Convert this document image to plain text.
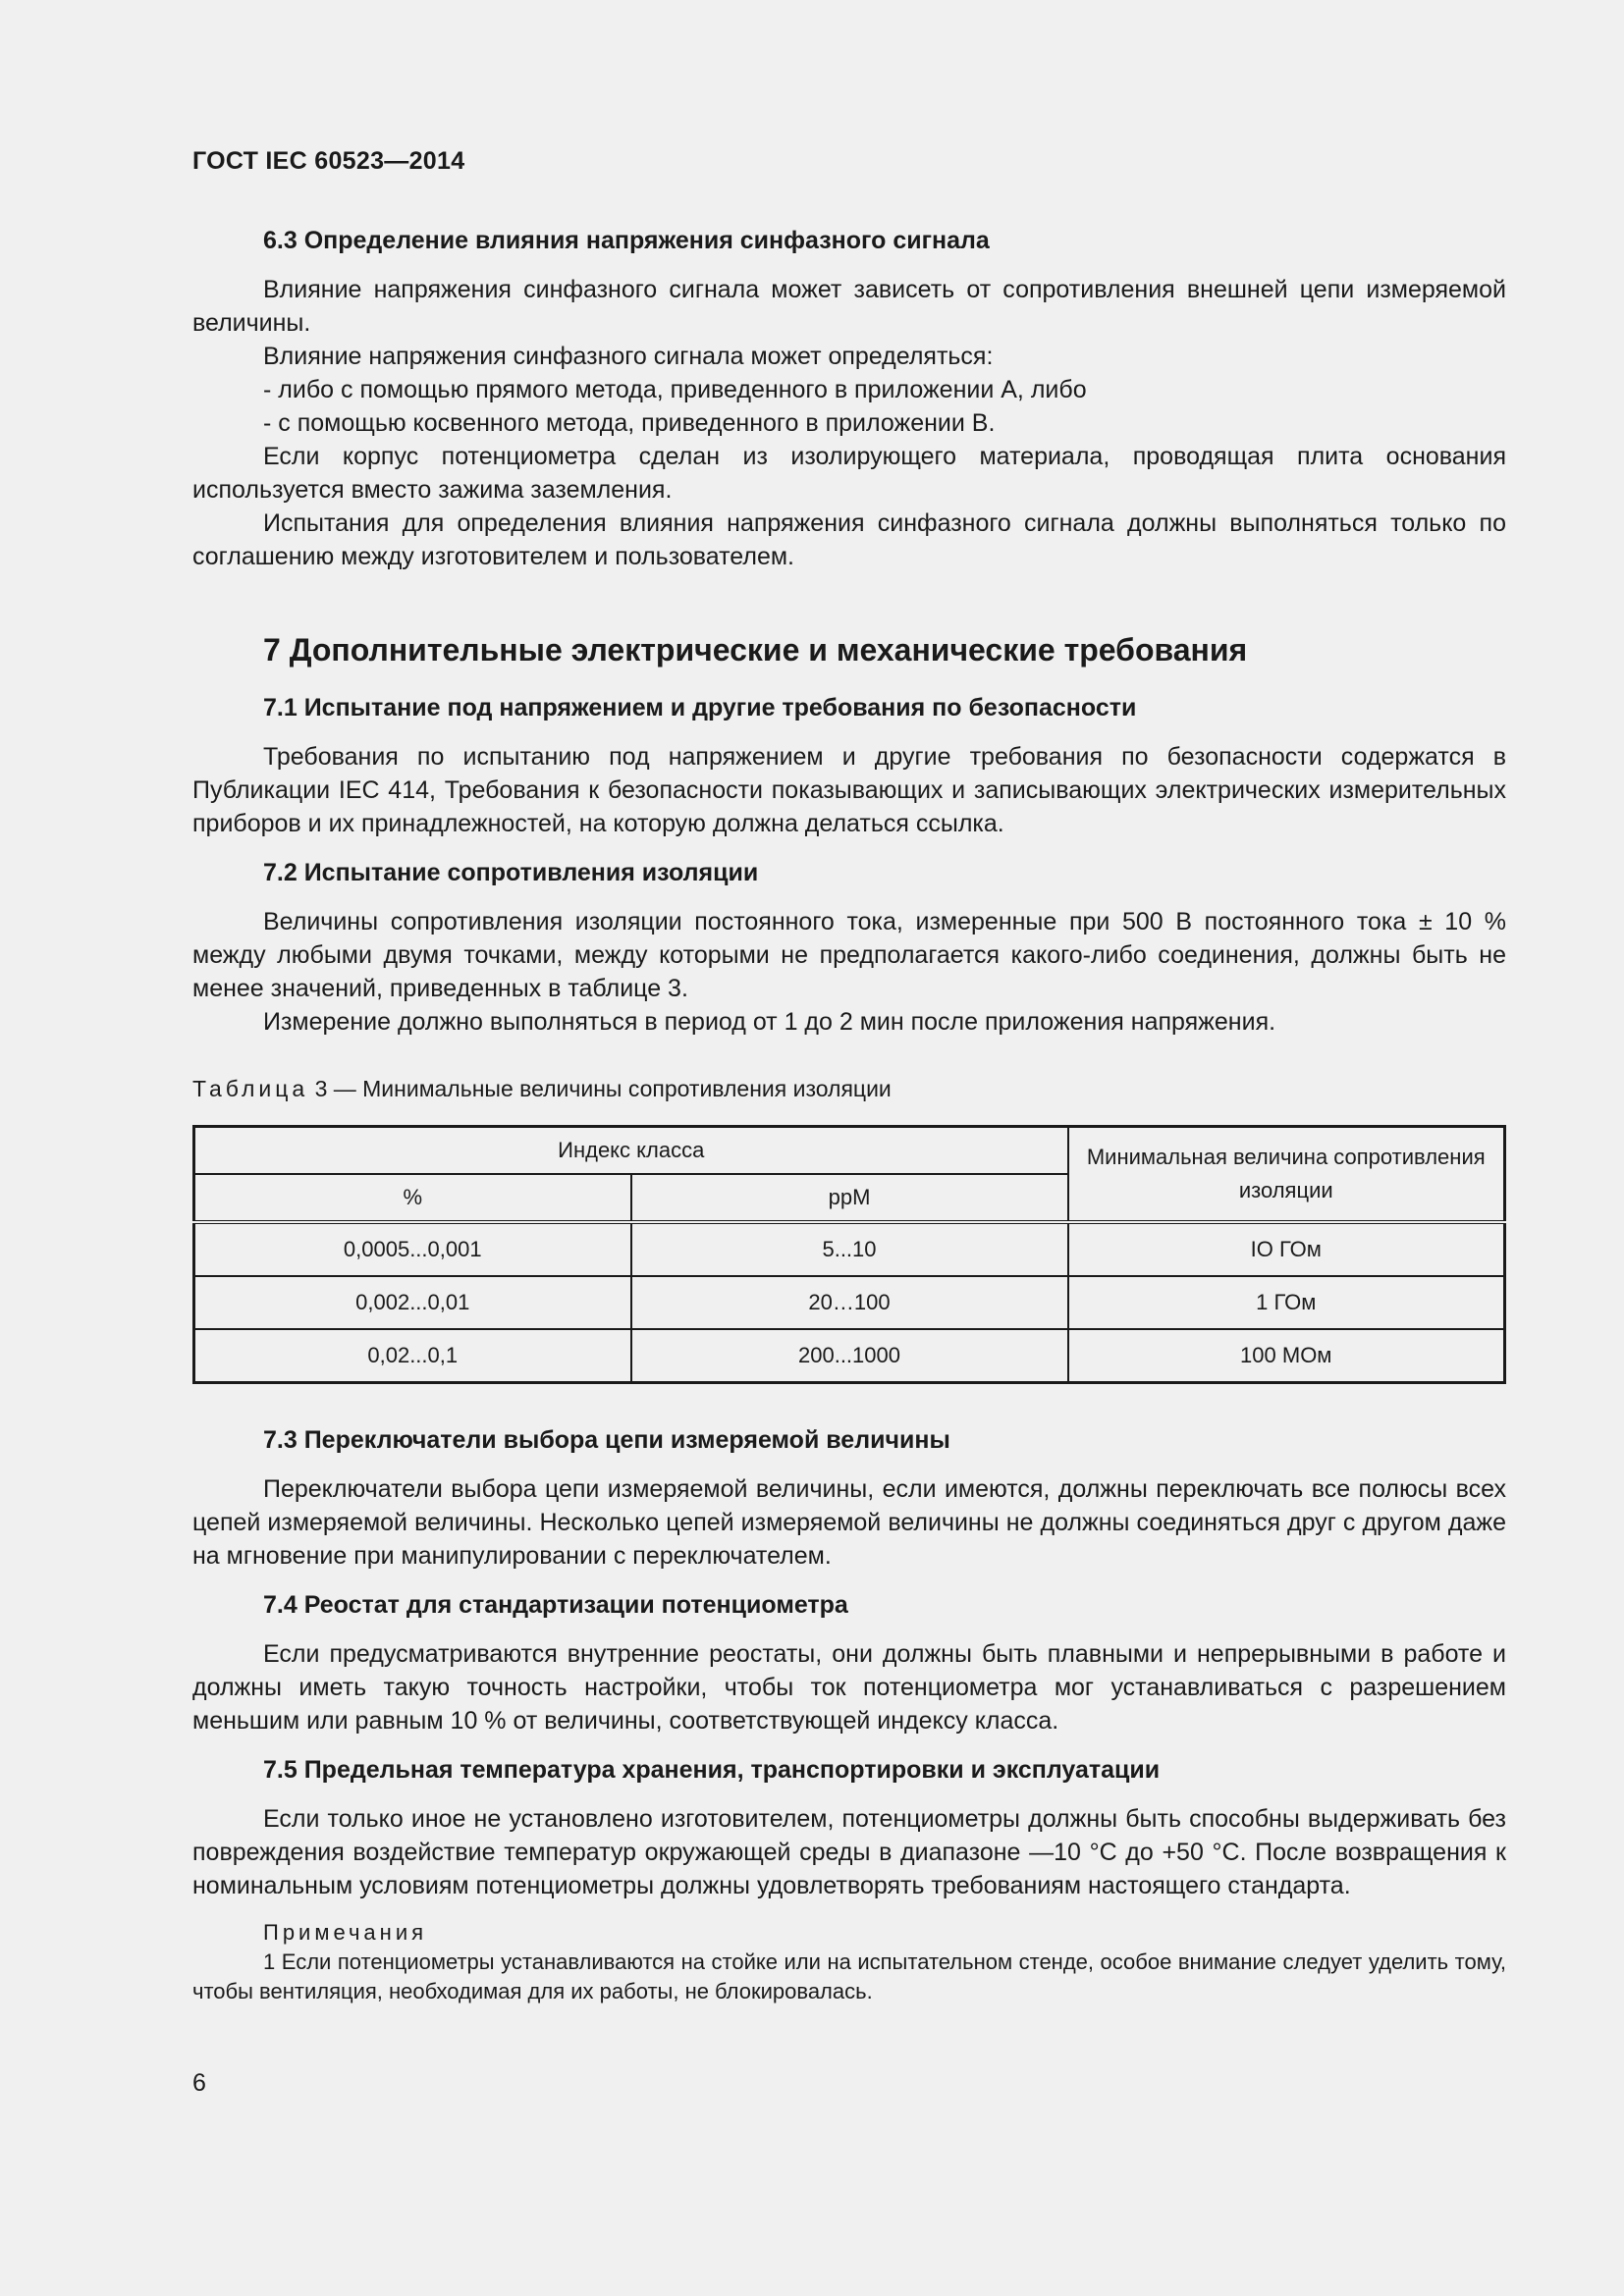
ГОСТ IEC 60523—2014
6.3 Определение влияния напряжения синфазного сигнала

Влияние напряжения синфазного сигнала может зависеть от сопротивления внешней цепи измеряемой величины.

Влияние напряжения синфазного сигнала может определяться:

- либо с помощью прямого метода, приведенного в приложении А, либо

- с помощью косвенного метода, приведенного в приложении В.

Если корпус потенциометра сделан из изолирующего материала, проводящая плита основания используется вместо зажима заземления.

Испытания для определения влияния напряжения синфазного сигнала должны выполняться только по соглашению между изготовителем и пользователем.

7 Дополнительные электрические и механические требования
7.1 Испытание под напряжением и другие требования по безопасности

Требования по испытанию под напряжением и другие требования по безопасности содержатся в Публикации IEC 414, Требования к безопасности показывающих и записывающих электрических измерительных приборов и их принадлежностей, на которую должна делаться ссылка.

7.2 Испытание сопротивления изоляции

Величины сопротивления изоляции постоянного тока, измеренные при 500 В постоянного тока ± 10 % между любыми двумя точками, между которыми не предполагается какого-либо соединения, должны быть не менее значений, приведенных в таблице 3.

Измерение должно выполняться в период от 1 до 2 мин после приложения напряжения.

Таблица 3 — Минимальные величины сопротивления изоляции
Индекс класса		Минимальная величина сопротивления изоляции
%	ppM	
0,0005...0,001	5...10	IO ГОм
0,002...0,01	20…100	1 ГОм
0,02...0,1	200...1000	100 МОм
7.3 Переключатели выбора цепи измеряемой величины

Переключатели выбора цепи измеряемой величины, если имеются, должны переключать все полюсы всех цепей измеряемой величины. Несколько цепей измеряемой величины не должны соединяться друг с другом даже на мгновение при манипулировании с переключателем.

7.4 Реостат для стандартизации потенциометра

Если предусматриваются внутренние реостаты, они должны быть плавными и непрерывными в работе и должны иметь такую точность настройки, чтобы ток потенциометра мог устанавливаться с разрешением меньшим или равным 10 % от величины, соответствующей индексу класса.

7.5 Предельная температура хранения, транспортировки и эксплуатации

Если только иное не установлено изготовителем, потенциометры должны быть способны выдерживать без повреждения воздействие температур окружающей среды в диапазоне —10 °С до +50 °С. После возвращения к номинальным условиям потенциометры должны удовлетворять требованиям настоящего стандарта.

Примечания

1 Если потенциометры устанавливаются на стойке или на испытательном стенде, особое внимание следует уделить тому, чтобы вентиляция, необходимая для их работы, не блокировалась.

6
